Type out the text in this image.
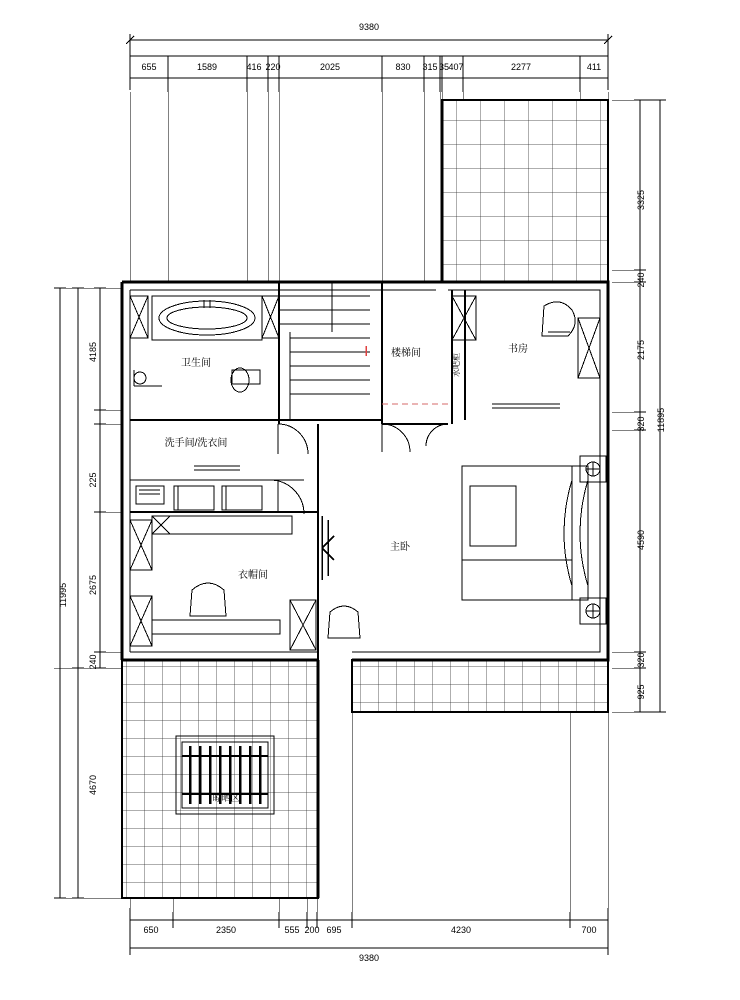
9380
655	1589	416 220	2025	830 315 35 407	2277	411
3325
240
2175
320
4590
320
925
11895
4185
225
2675
240
4670
11995
650	2350	555 200 695	4230	700
9380
卫生间
楼梯间	书房
水吧柜
洗手间/洗衣间
主卧
衣帽间
晾晒区
